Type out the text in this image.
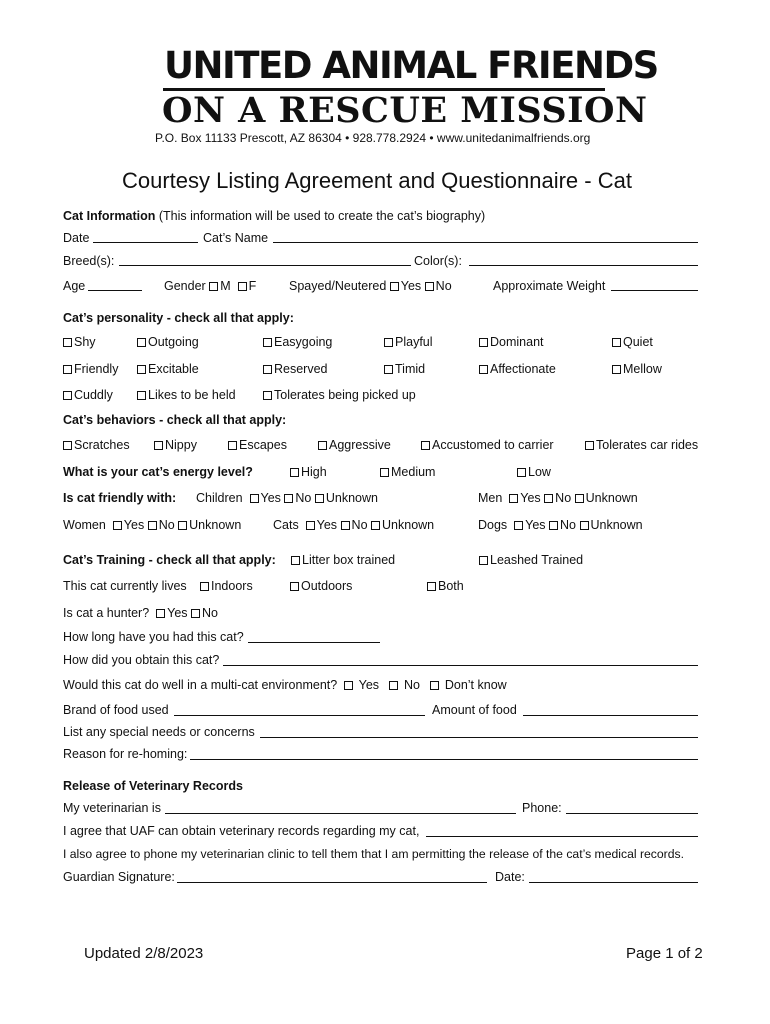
UNITED ANIMAL FRIENDS
ON A RESCUE MISSION
P.O. Box 11133 Prescott, AZ 86304 • 928.778.2924 • www.unitedanimalfriends.org
Courtesy Listing Agreement and Questionnaire - Cat
Cat Information (This information will be used to create the cat’s biography)
Date	Cat’s Name
Breed(s):	Color(s):
Age	Gender M F	Spayed/Neutered Yes No	Approximate Weight
Cat’s personality - check all that apply:
Shy	Outgoing	Easygoing	Playful	Dominant	Quiet
Friendly	Excitable	Reserved	Timid	Affectionate	Mellow
Cuddly	Likes to be held	Tolerates being picked up
Cat’s behaviors - check all that apply:
Scratches	Nippy	Escapes	Aggressive	Accustomed to carrier	Tolerates car rides
What is your cat’s energy level?	High	Medium	Low
Is cat friendly with: Children Yes No Unknown	Men Yes No Unknown
Women Yes No Unknown	Cats Yes No Unknown	Dogs Yes No Unknown
Cat’s Training - check all that apply:	Litter box trained	Leashed Trained
This cat currently lives	Indoors	Outdoors	Both
Is cat a hunter? Yes No
How long have you had this cat?
How did you obtain this cat?
Would this cat do well in a multi-cat environment? Yes No Don’t know
Brand of food used	Amount of food
List any special needs or concerns
Reason for re-homing:
Release of Veterinary Records
My veterinarian is	Phone:
I agree that UAF can obtain veterinary records regarding my cat,
I also agree to phone my veterinarian clinic to tell them that I am permitting the release of the cat’s medical records.
Guardian Signature:	Date:
Updated 2/8/2023	Page 1 of 2
